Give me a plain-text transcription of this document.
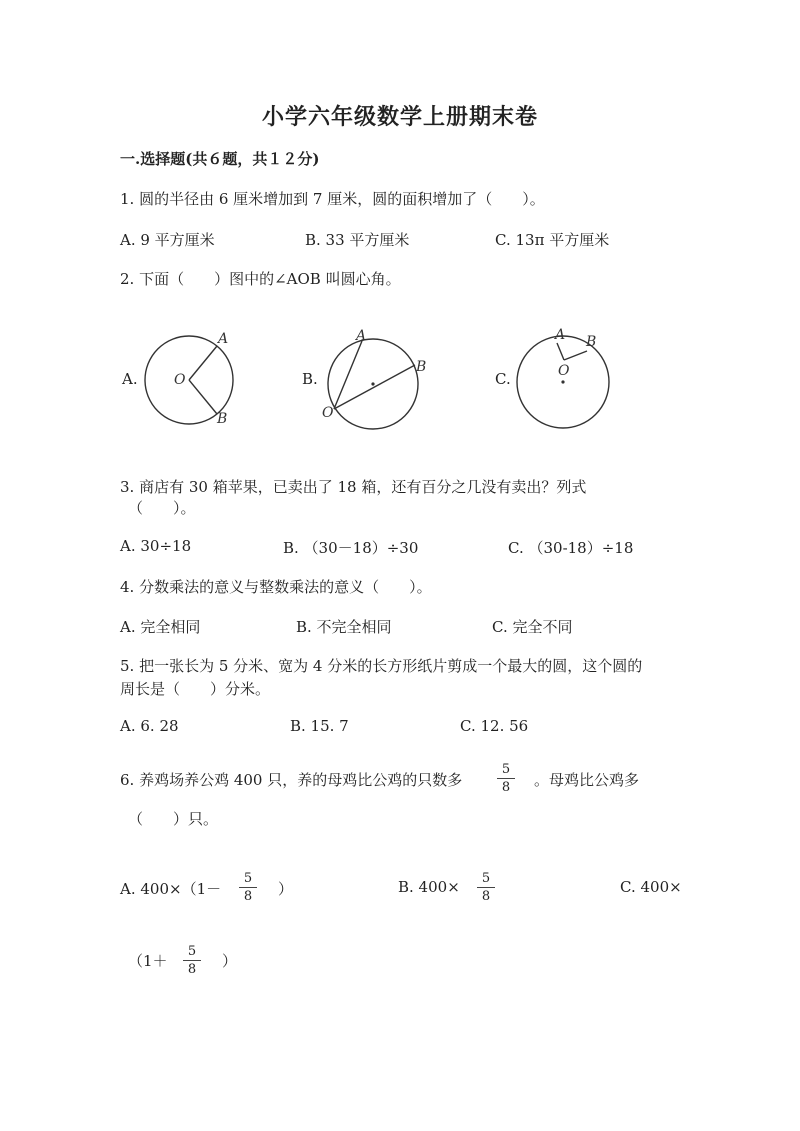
小学六年级数学上册期末卷
一.选择题(共６题，共１２分)
1. 圆的半径由 6 厘米增加到 7 厘米，圆的面积增加了（　　）。
A. 9 平方厘米	B. 33 平方厘米	C. 13π 平方厘米
2. 下面（　　）图中的∠AOB 叫圆心角。
A.	O
A
B
B.
A
B
O
C.
A B
O
3. 商店有 30 箱苹果，已卖出了 18 箱，还有百分之几没有卖出？列式
（　　）。
A. 30÷18	B. （30－18）÷30	C. （30-18）÷18
4. 分数乘法的意义与整数乘法的意义（　　）。
A. 完全相同	B. 不完全相同	C. 完全不同
5. 把一张长为 5 分米、宽为 4 分米的长方形纸片剪成一个最大的圆，这个圆的
周长是（　　）分米。
A. 6. 28	B. 15. 7	C. 12. 56
6. 养鸡场养公鸡 400 只，养的母鸡比公鸡的只数多
5
8	。母鸡比公鸡多
（　　）只。
A. 400×（1－
5
8	）	B. 400×	5
8
C. 400×
（1＋
5
8	）
